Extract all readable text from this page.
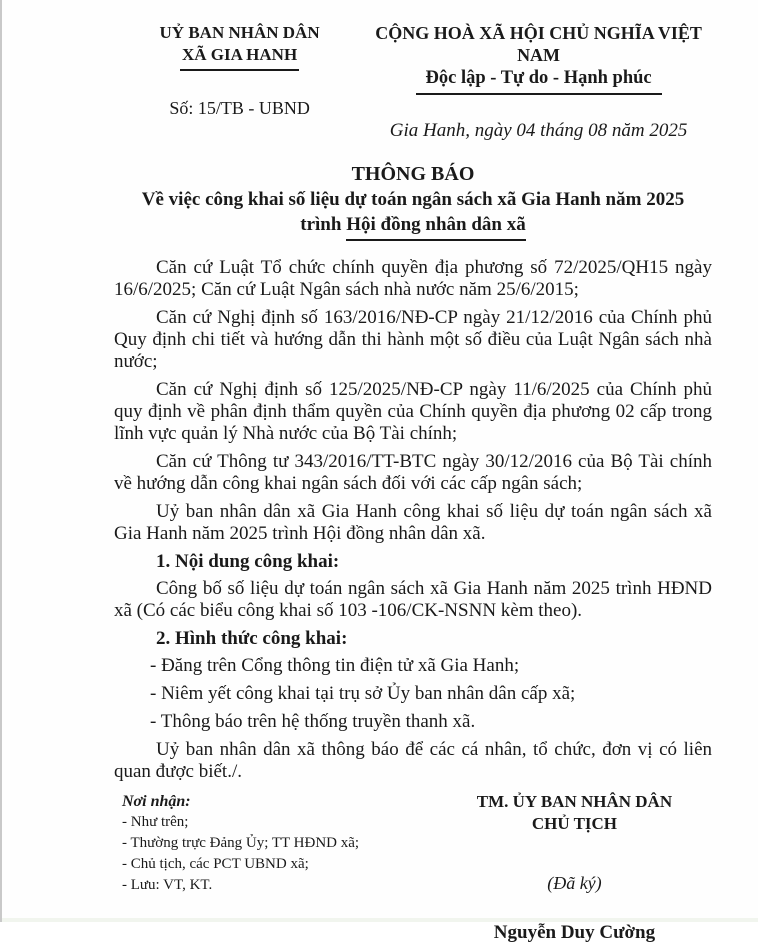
UỶ BAN NHÂN DÂN
XÃ GIA HANH
Số: 15/TB - UBND
CỘNG HOÀ XÃ HỘI CHỦ NGHĨA VIỆT NAM
Độc lập - Tự do - Hạnh phúc
Gia Hanh, ngày 04 tháng 08 năm 2025
THÔNG BÁO
Về việc công khai số liệu dự toán ngân sách xã Gia Hanh năm 2025
trình Hội đồng nhân dân xã

Căn cứ Luật Tổ chức chính quyền địa phương số 72/2025/QH15 ngày 16/6/2025; Căn cứ Luật Ngân sách nhà nước năm 25/6/2015;

Căn cứ Nghị định số 163/2016/NĐ-CP ngày 21/12/2016 của Chính phủ Quy định chi tiết và hướng dẫn thi hành một số điều của Luật Ngân sách nhà nước;

Căn cứ Nghị định số 125/2025/NĐ-CP ngày 11/6/2025 của Chính phủ quy định về phân định thẩm quyền của Chính quyền địa phương 02 cấp trong lĩnh vực quản lý Nhà nước của Bộ Tài chính;

Căn cứ Thông tư 343/2016/TT-BTC ngày 30/12/2016 của Bộ Tài chính về hướng dẫn công khai ngân sách đối với các cấp ngân sách;

Uỷ ban nhân dân xã Gia Hanh công khai số liệu dự toán ngân sách xã Gia Hanh năm 2025 trình Hội đồng nhân dân xã.

1. Nội dung công khai:

Công bố số liệu dự toán ngân sách xã Gia Hanh năm 2025 trình HĐND xã (Có các biểu công khai số 103 -106/CK-NSNN kèm theo).

2. Hình thức công khai:

- Đăng trên Cổng thông tin điện tử xã Gia Hanh;

- Niêm yết công khai tại trụ sở Ủy ban nhân dân cấp xã;

- Thông báo trên hệ thống truyền thanh xã.

Uỷ ban nhân dân xã thông báo để các cá nhân, tổ chức, đơn vị có liên quan được biết./.

Nơi nhận:
- Như trên;
- Thường trực Đảng Ủy; TT HĐND xã;
- Chủ tịch, các PCT UBND xã;
- Lưu: VT, KT.
TM. ỦY BAN NHÂN DÂN
CHỦ TỊCH
(Đã ký)
Nguyễn Duy Cường
